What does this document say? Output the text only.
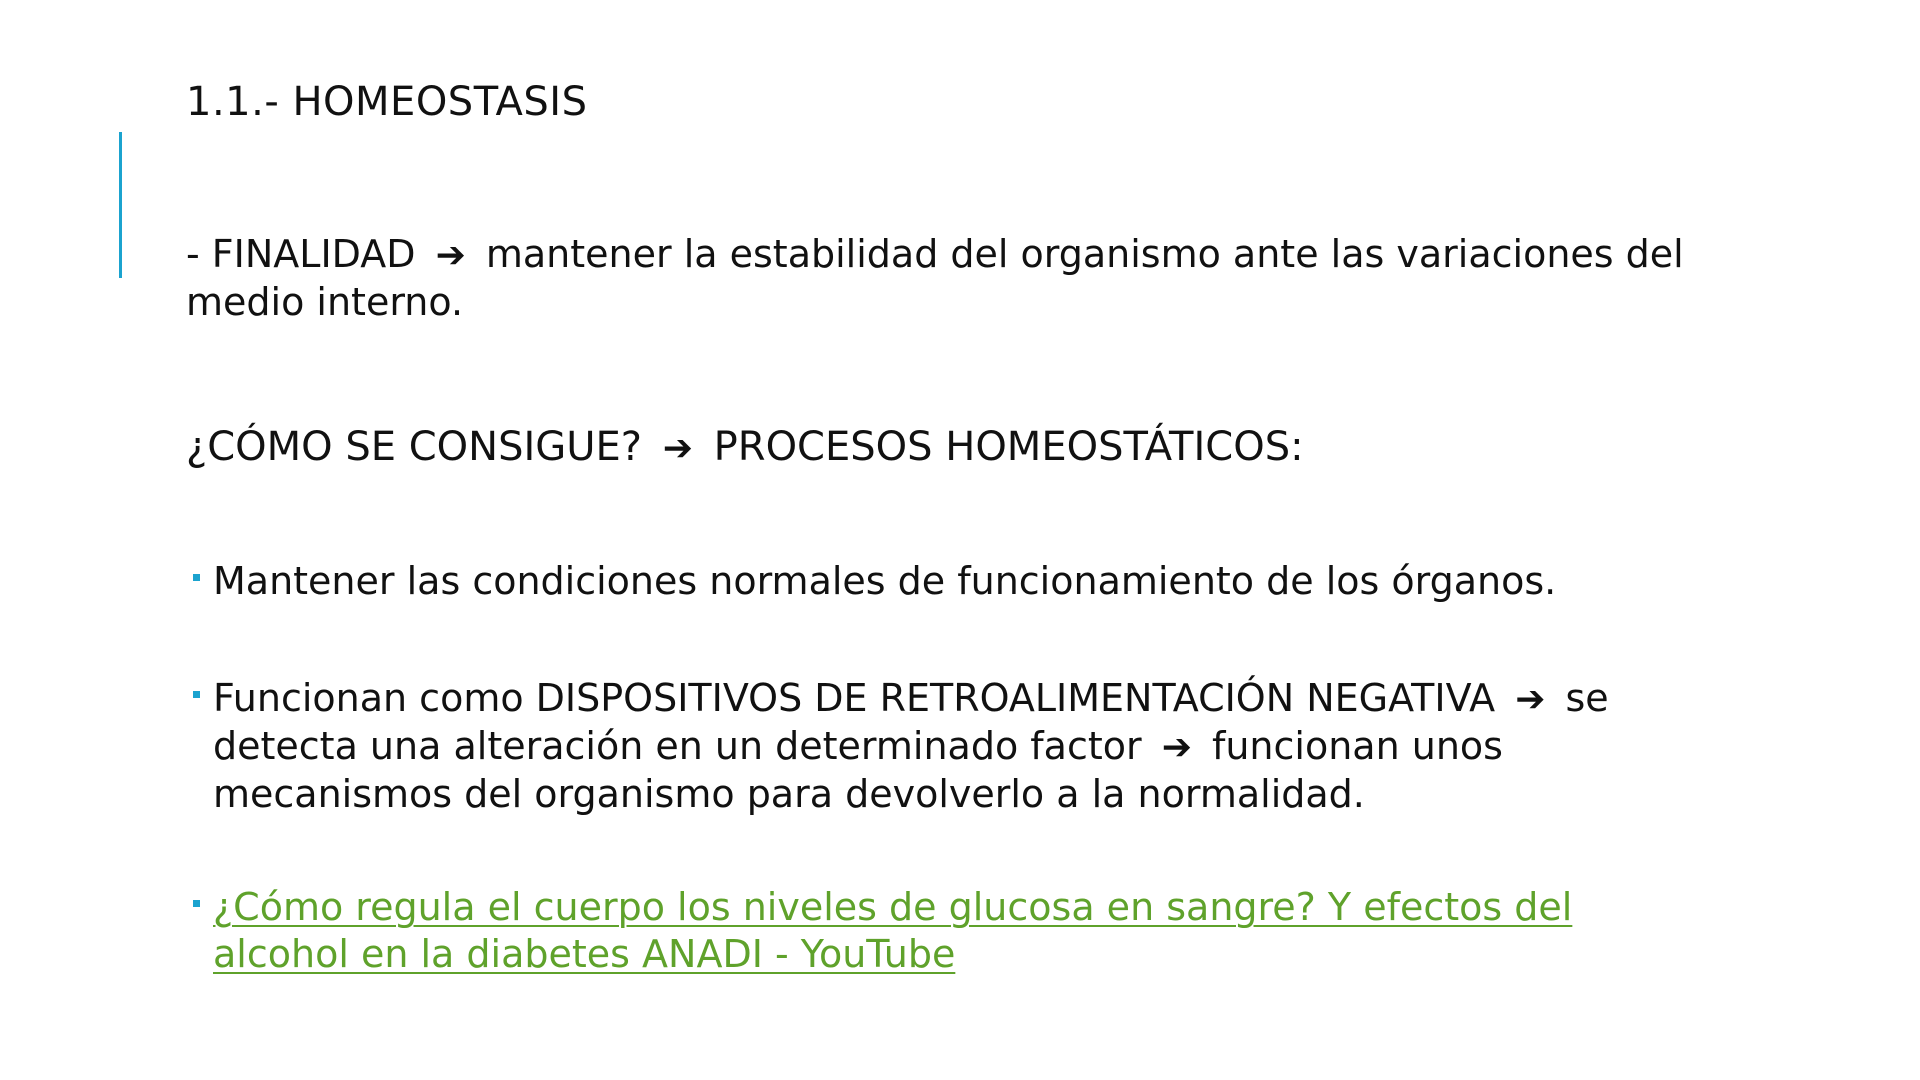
1.1.- HOMEOSTASIS

- FINALIDAD ➔ mantener la estabilidad del organismo ante las variaciones del medio interno.

¿CÓMO SE CONSIGUE? ➔ PROCESOS HOMEOSTÁTICOS:

Mantener las condiciones normales de funcionamiento de los órganos.
Funcionan como DISPOSITIVOS DE RETROALIMENTACIÓN NEGATIVA ➔ se detecta una alteración en un determinado factor ➔ funcionan unos mecanismos del organismo para devolverlo a la normalidad.
¿Cómo regula el cuerpo los niveles de glucosa en sangre? Y efectos del alcohol en la diabetes ANADI - YouTube
